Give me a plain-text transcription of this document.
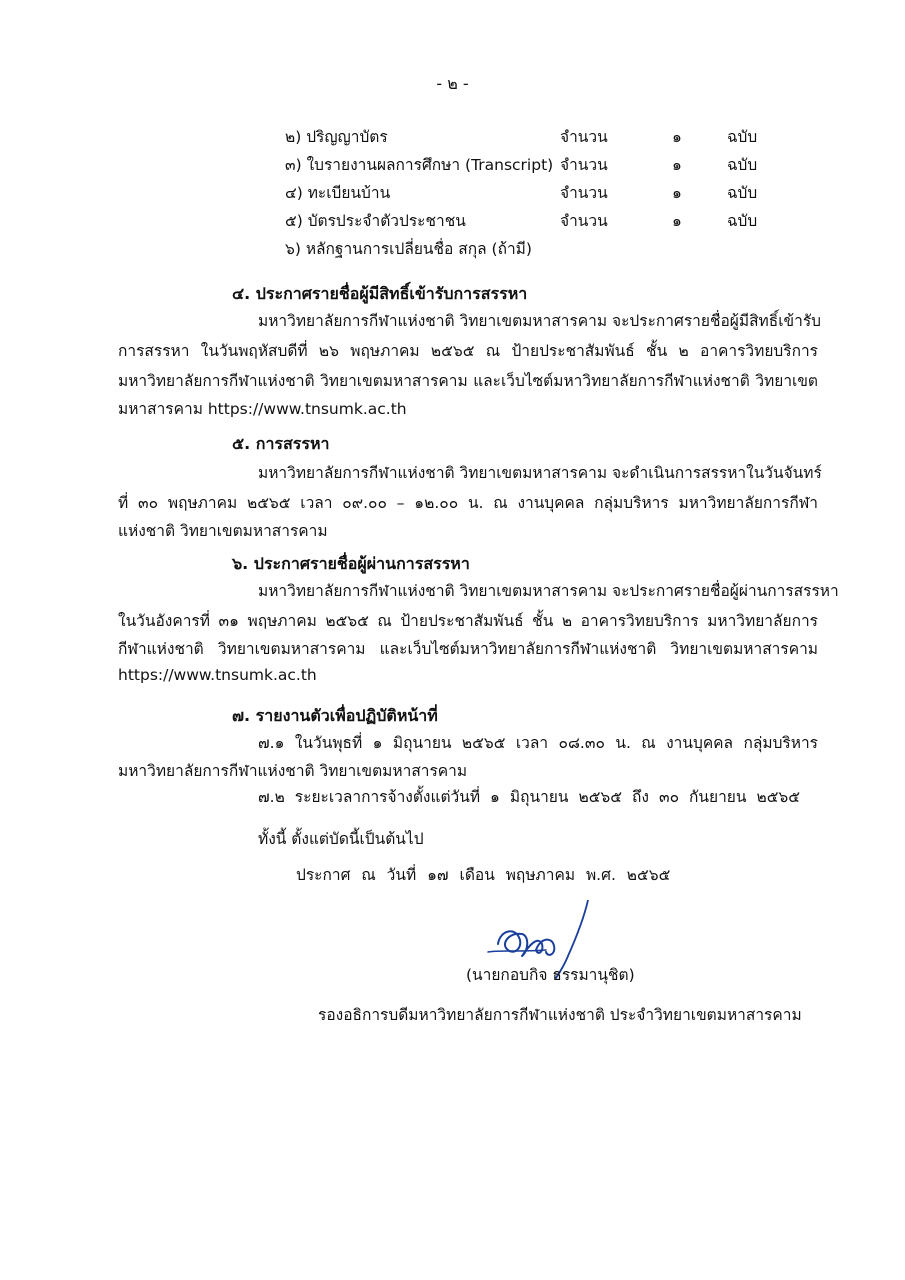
- ๒ -
๒) ปริญญาบัตร	จำนวน	๑	ฉบับ
๓) ใบรายงานผลการศึกษา (Transcript) จำนวน	๑	ฉบับ
๔) ทะเบียนบ้าน	จำนวน	๑	ฉบับ
๕) บัตรประจำตัวประชาชน	จำนวน	๑	ฉบับ
๖) หลักฐานการเปลี่ยนชื่อ สกุล (ถ้ามี)
๔. ประกาศรายชื่อผู้มีสิทธิ์เข้ารับการสรรหา
มหาวิทยาลัยการกีฬาแห่งชาติ วิทยาเขตมหาสารคาม จะประกาศรายชื่อผู้มีสิทธิ์เข้ารับ
การสรรหา ในวันพฤหัสบดีที่ ๒๖ พฤษภาคม ๒๕๖๕ ณ ป้ายประชาสัมพันธ์ ชั้น ๒ อาคารวิทยบริการ
มหาวิทยาลัยการกีฬาแห่งชาติ วิทยาเขตมหาสารคาม และเว็บไซต์มหาวิทยาลัยการกีฬาแห่งชาติ วิทยาเขต
มหาสารคาม https://www.tnsumk.ac.th
๕. การสรรหา
มหาวิทยาลัยการกีฬาแห่งชาติ วิทยาเขตมหาสารคาม จะดำเนินการสรรหาในวันจันทร์
ที่ ๓๐ พฤษภาคม ๒๕๖๕ เวลา ๐๙.๐๐ – ๑๒.๐๐ น. ณ งานบุคคล กลุ่มบริหาร มหาวิทยาลัยการกีฬา
แห่งชาติ วิทยาเขตมหาสารคาม
๖. ประกาศรายชื่อผู้ผ่านการสรรหา
มหาวิทยาลัยการกีฬาแห่งชาติ วิทยาเขตมหาสารคาม จะประกาศรายชื่อผู้ผ่านการสรรหา
ในวันอังคารที่ ๓๑ พฤษภาคม ๒๕๖๕ ณ ป้ายประชาสัมพันธ์ ชั้น ๒ อาคารวิทยบริการ มหาวิทยาลัยการ
กีฬาแห่งชาติ วิทยาเขตมหาสารคาม และเว็บไซต์มหาวิทยาลัยการกีฬาแห่งชาติ วิทยาเขตมหาสารคาม
https://www.tnsumk.ac.th
๗. รายงานตัวเพื่อปฏิบัติหน้าที่
๗.๑ ในวันพุธที่ ๑ มิถุนายน ๒๕๖๕ เวลา ๐๘.๓๐ น. ณ งานบุคคล กลุ่มบริหาร
มหาวิทยาลัยการกีฬาแห่งชาติ วิทยาเขตมหาสารคาม
๗.๒ ระยะเวลาการจ้างตั้งแต่วันที่ ๑ มิถุนายน ๒๕๖๕ ถึง ๓๐ กันยายน ๒๕๖๕
ทั้งนี้ ตั้งแต่บัดนี้เป็นต้นไป
ประกาศ ณ วันที่ ๑๗ เดือน พฤษภาคม พ.ศ. ๒๕๖๕
(นายกอบกิจ ธรรมานุชิต)
รองอธิการบดีมหาวิทยาลัยการกีฬาแห่งชาติ ประจำวิทยาเขตมหาสารคาม
